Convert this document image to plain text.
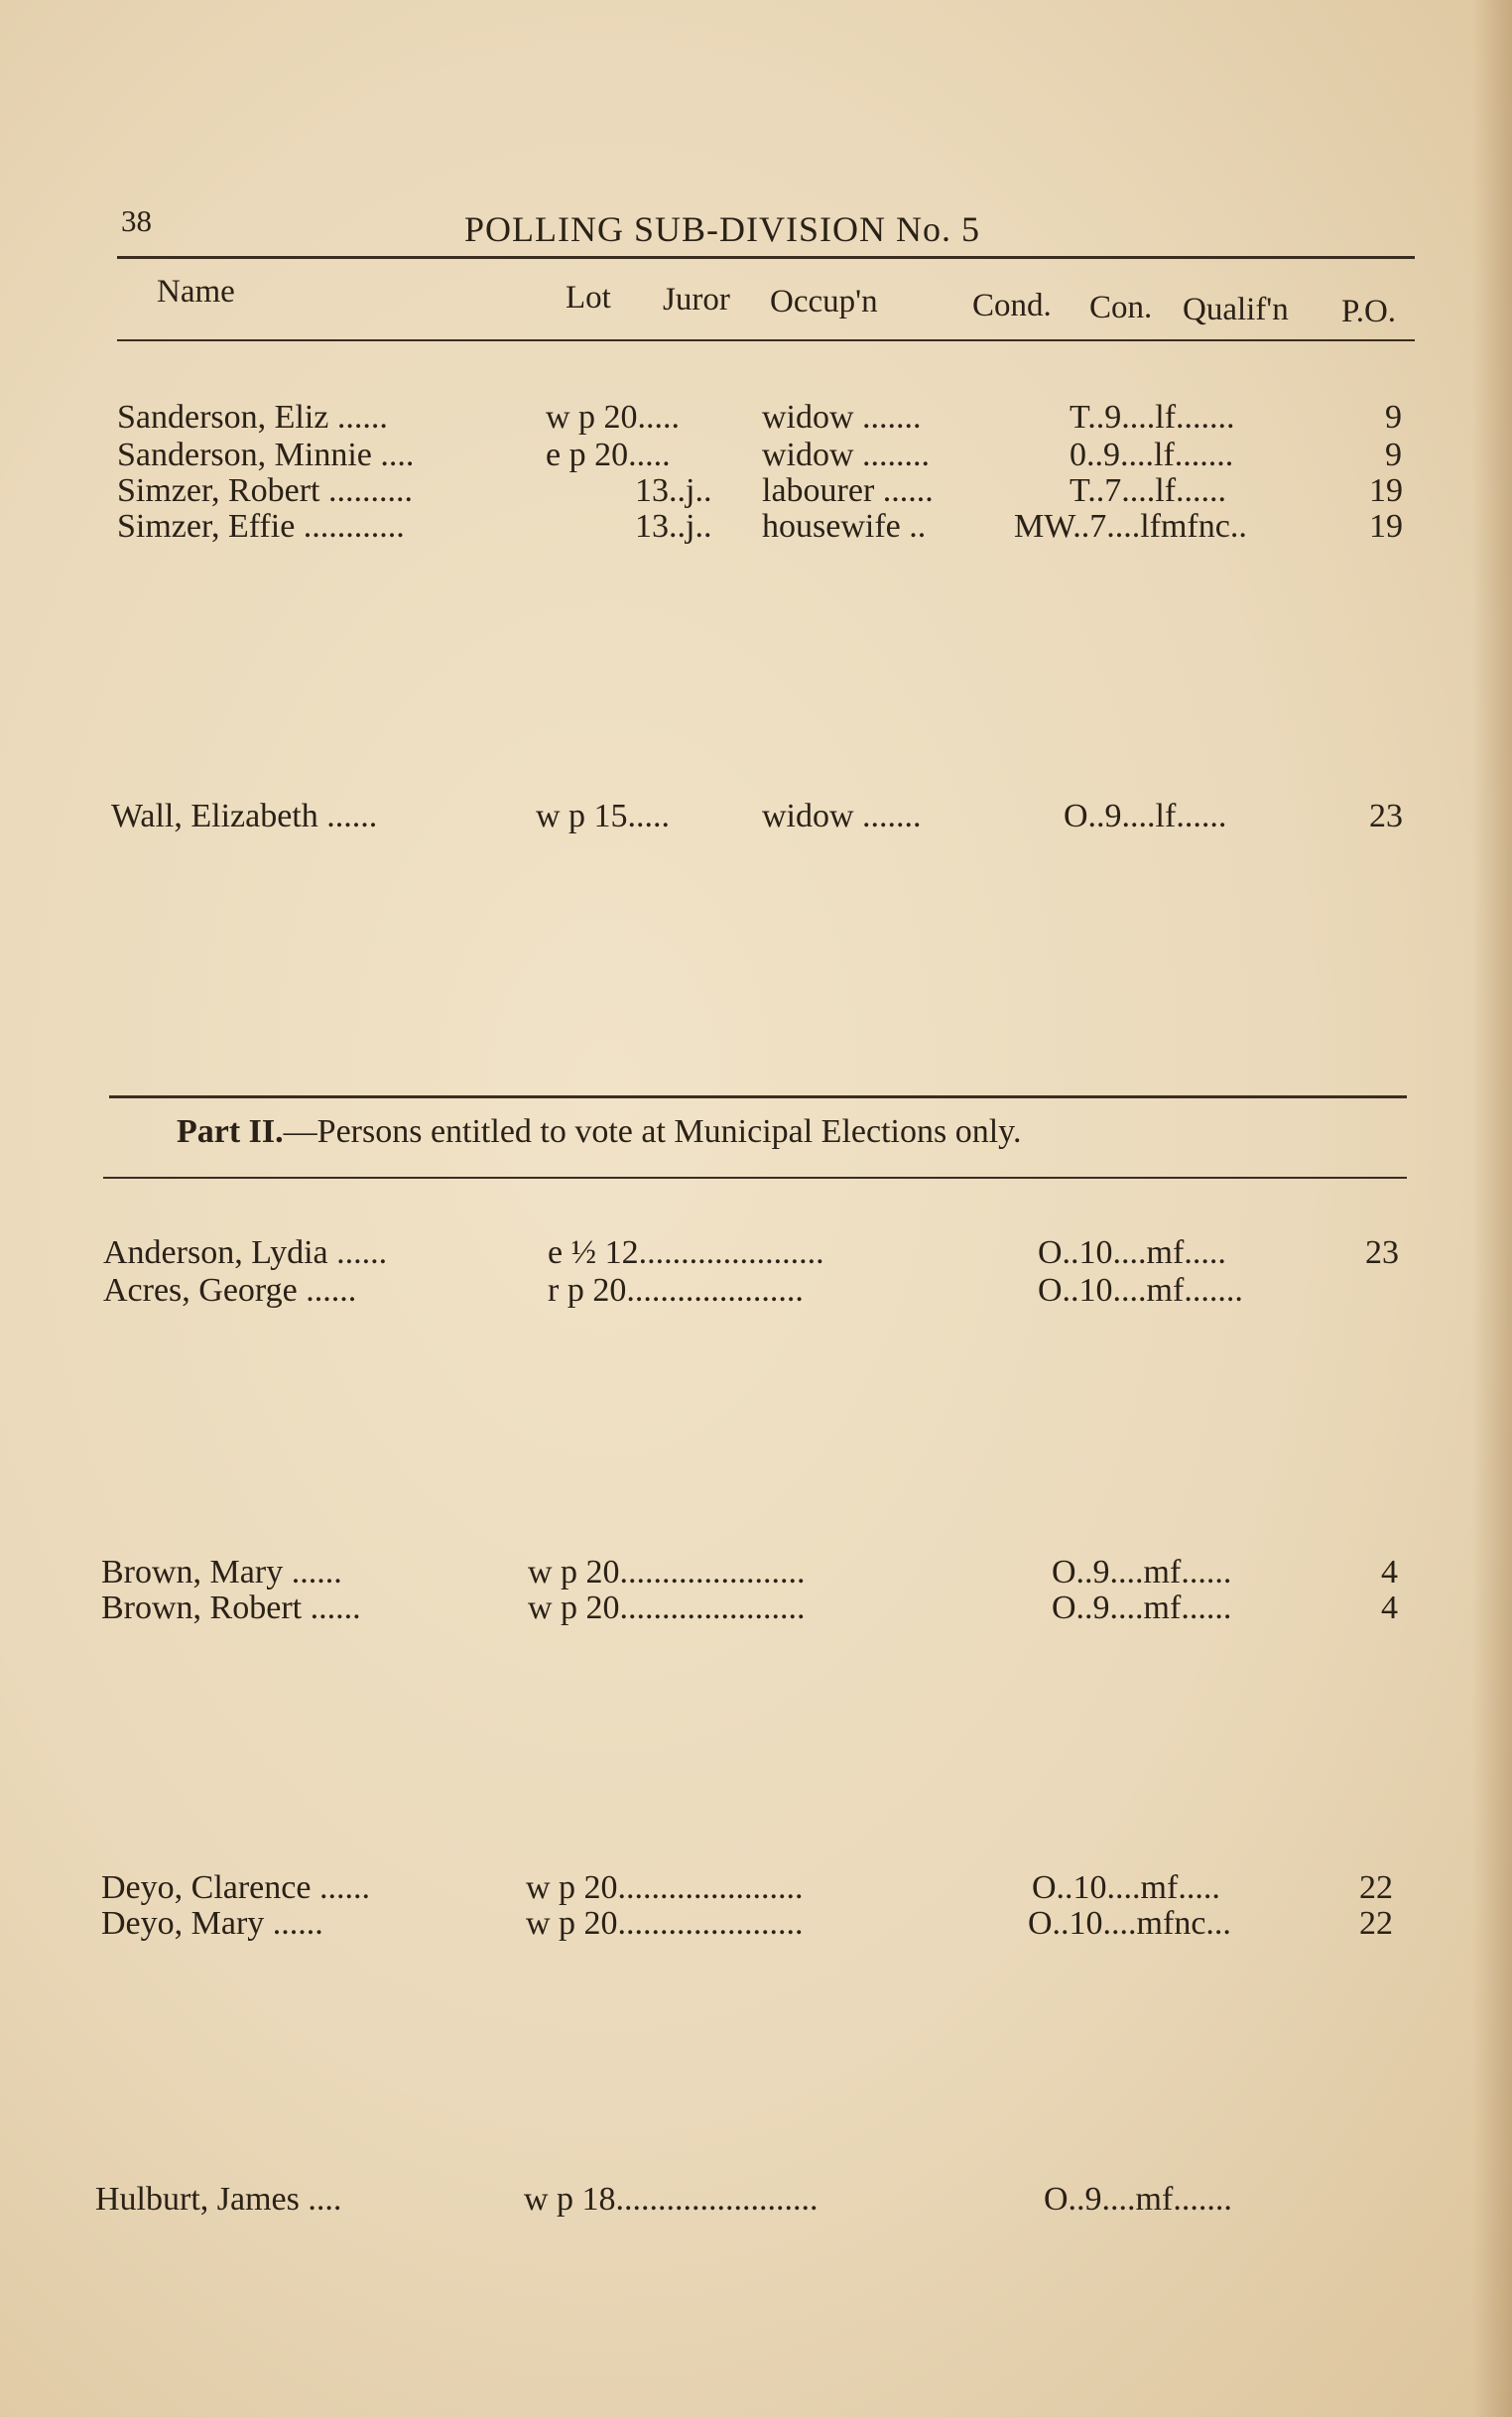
38	POLLING SUB-DIVISION No. 5
Name	Lot Juror Occup'n	Cond. Con. Qualif'n P.O.
Sanderson, Eliz ......	w p 20..... widow .......	T..9....lf.......	9
Sanderson, Minnie ....	e p 20.....	widow ........	0..9....lf.......	9
Simzer, Robert ..........	13..j.. labourer ......	T..7....lf......	19
Simzer, Effie ............	13..j.. housewife ..	MW..7....lfmfnc..	19
Wall, Elizabeth ......	w p 15.....	widow .......	O..9....lf......	23
Part II.—Persons entitled to vote at Municipal Elections only.
Anderson, Lydia ......	e ½ 12......................	O..10....mf.....	23
Acres, George ......	r p 20.....................	O..10....mf.......
Brown, Mary ......	w p 20......................	O..9....mf......	4
Brown, Robert ......	w p 20......................	O..9....mf......	4
Deyo, Clarence ......	w p 20......................	O..10....mf.....	22
Deyo, Mary ......	w p 20......................	O..10....mfnc...	22
Hulburt, James ....	w p 18........................	O..9....mf.......
